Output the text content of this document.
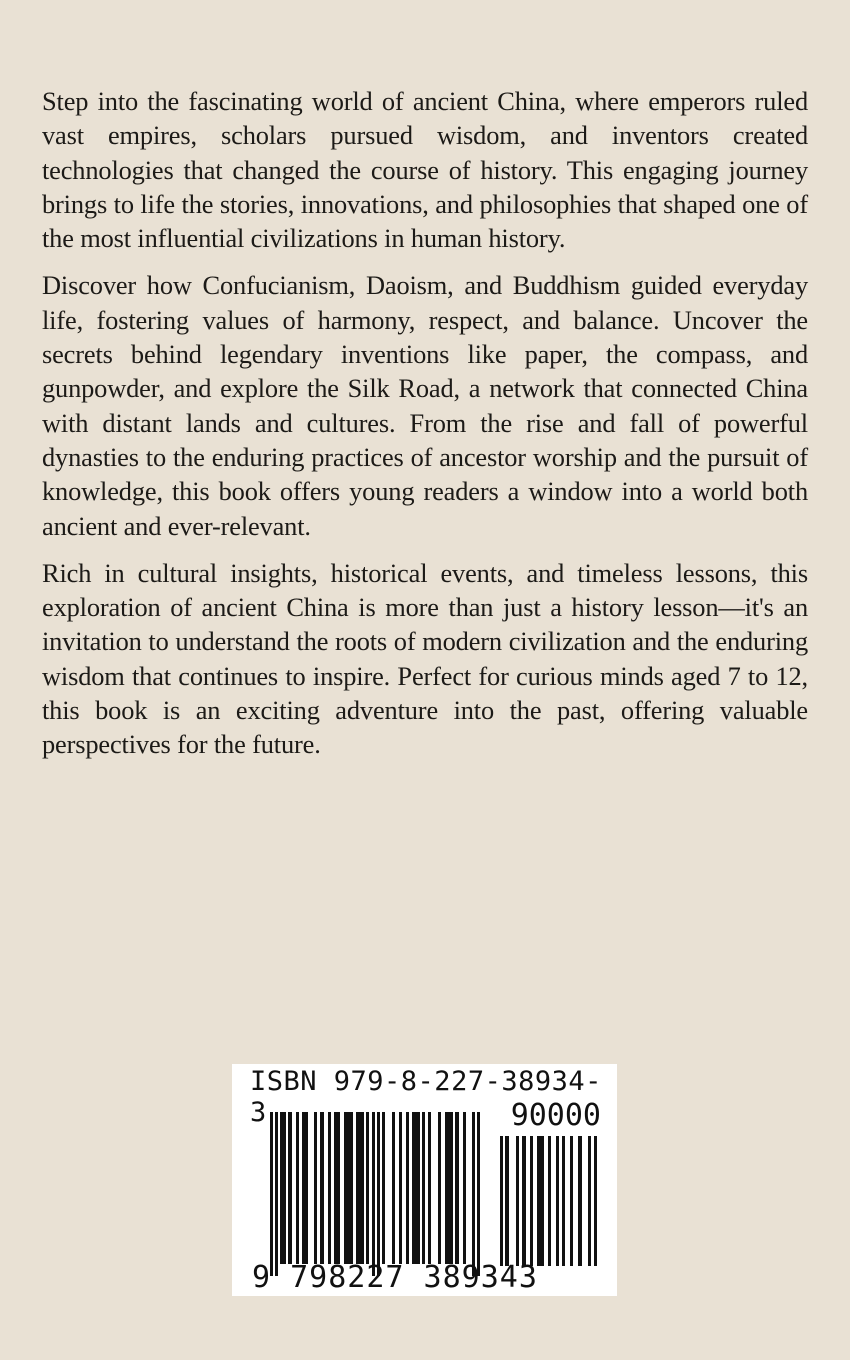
Step into the fascinating world of ancient China, where emperors ruled vast empires, scholars pursued wisdom, and inventors created technologies that changed the course of history. This engaging journey brings to life the stories, innovations, and philosophies that shaped one of the most influential civilizations in human history.

Discover how Confucianism, Daoism, and Buddhism guided everyday life, fostering values of harmony, respect, and balance. Uncover the secrets behind legendary inventions like paper, the compass, and gunpowder, and explore the Silk Road, a network that connected China with distant lands and cultures. From the rise and fall of powerful dynasties to the enduring practices of ancestor worship and the pursuit of knowledge, this book offers young readers a window into a world both ancient and ever-relevant.

Rich in cultural insights, historical events, and timeless lessons, this exploration of ancient China is more than just a history lesson—it's an invitation to understand the roots of modern civilization and the enduring wisdom that continues to inspire. Perfect for curious minds aged 7 to 12, this book is an exciting adventure into the past, offering valuable perspectives for the future.

ISBN 979-8-227-38934-3	90000
9 798227 389343
